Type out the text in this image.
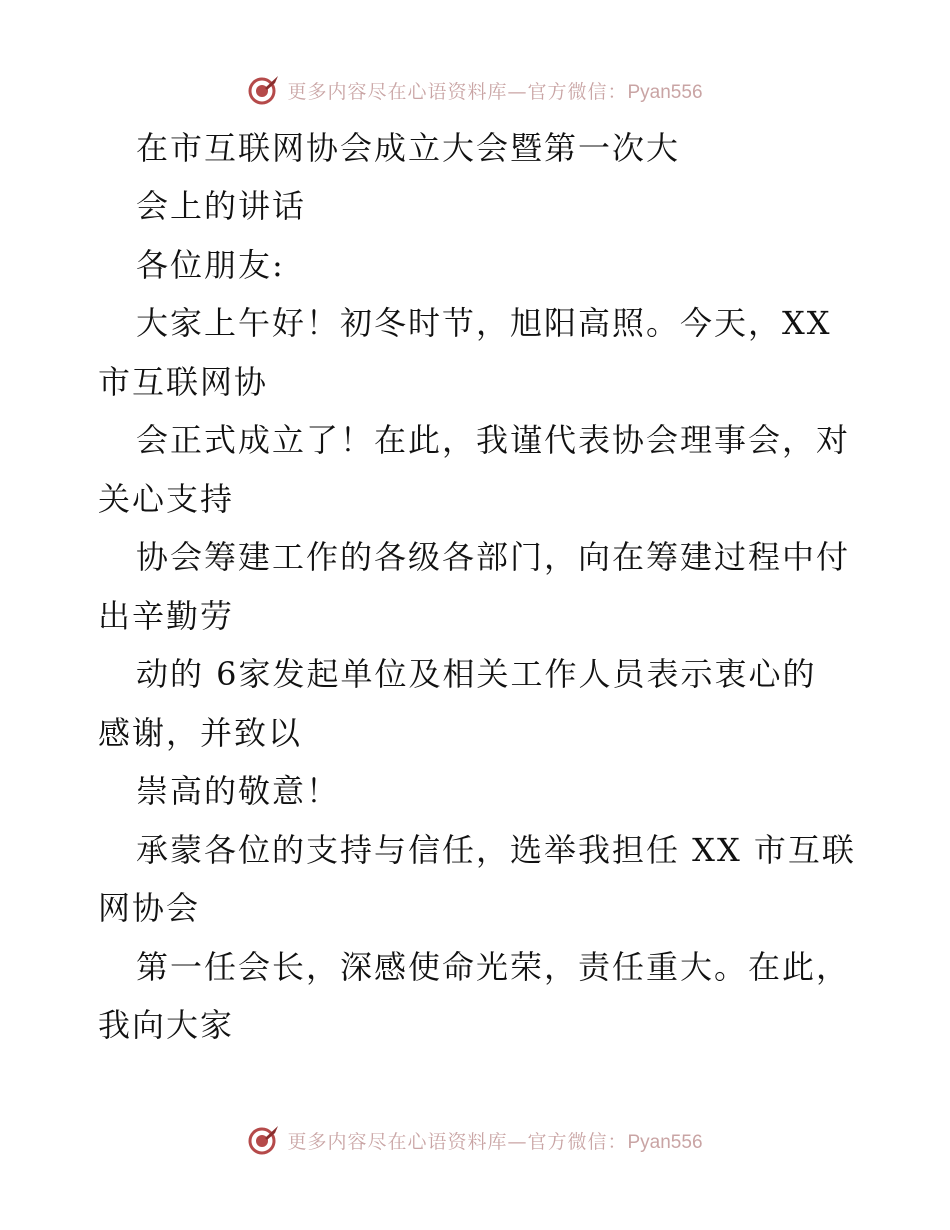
更多内容尽在心语资料库—官方微信：Pyan556
在市互联网协会成立大会暨第一次大
会上的讲话
各位朋友:
大家上午好！初冬时节，旭阳高照。今天，XX
市互联网协
会正式成立了！在此，我谨代表协会理事会，对
关心支持
协会筹建工作的各级各部门，向在筹建过程中付
出辛勤劳
动的 6家发起单位及相关工作人员表示衷心的
感谢，并致以
崇高的敬意！
承蒙各位的支持与信任，选举我担任 XX 市互联
网协会
第一任会长，深感使命光荣，责任重大。在此，
我向大家
更多内容尽在心语资料库—官方微信：Pyan556
